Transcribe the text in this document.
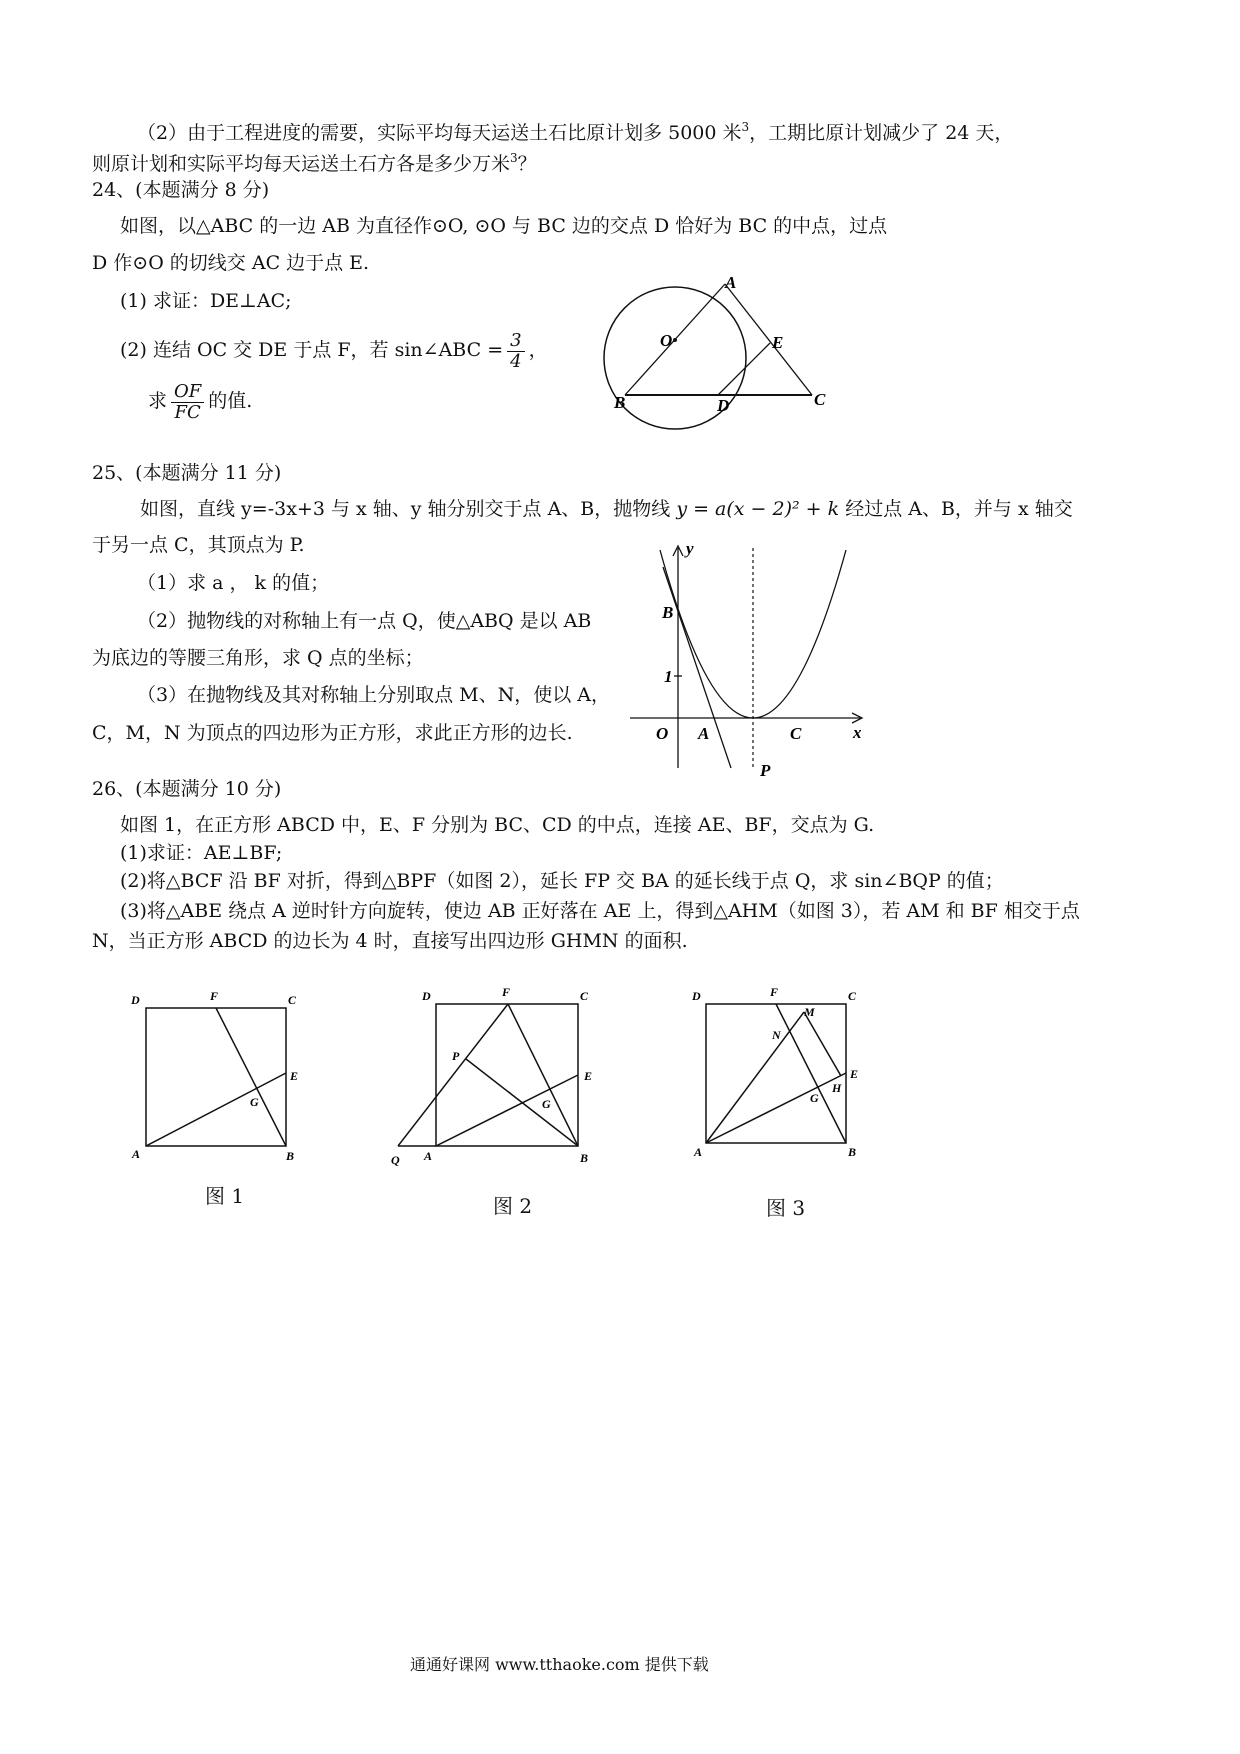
（2）由于工程进度的需要，实际平均每天运送土石比原计划多 5000 米$^3$，工期比原计划减少了 24 天，
则原计划和实际平均每天运送土石方各是多少万米$^3$？
24、(本题满分 8 分)
如图，以△ABC 的一边 AB 为直径作⊙O, ⊙O 与 BC 边的交点 D 恰好为 BC 的中点，过点
D 作⊙O 的切线交 AC 边于点 E.
(1) 求证：DE⊥AC;
(2) 连结 OC 交 DE 于点 F，若 sin∠ABC = $\frac{3}{4}$ ，
求 $\frac{OF}{FC}$ 的值.
A
O	E
B	D	C
25、(本题满分 11 分)
如图，直线 y=-3x+3 与 x 轴、y 轴分别交于点 A、B，抛物线 y = a(x − 2)² + k 经过点 A、B，并与 x 轴交
于另一点 C，其顶点为 P.
（1）求 a ， k 的值；
（2）抛物线的对称轴上有一点 Q，使△ABQ 是以 AB
为底边的等腰三角形，求 Q 点的坐标；
（3）在抛物线及其对称轴上分别取点 M、N，使以 A，
C，M，N 为顶点的四边形为正方形，求此正方形的边长.
y
x
B
1
O A	C
P
26、(本题满分 10 分)
如图 1，在正方形 ABCD 中，E、F 分别为 BC、CD 的中点，连接 AE、BF，交点为 G.
(1)求证：AE⊥BF;
(2)将△BCF 沿 BF 对折，得到△BPF（如图 2），延长 FP 交 BA 的延长线于点 Q，求 sin∠BQP 的值；
(3)将△ABE 绕点 A 逆时针方向旋转，使边 AB 正好落在 AE 上，得到△AHM（如图 3），若 AM 和 BF 相交于点
N，当正方形 ABCD 的边长为 4 时，直接写出四边形 GHMN 的面积.
D	F	C
E
G
A	B
图 1
D	F	C
P
E
G
Q A	B
图 2
D	F	C
M
N
E
H
G
A	B
图 3
通通好课网 www.tthaoke.com 提供下载
